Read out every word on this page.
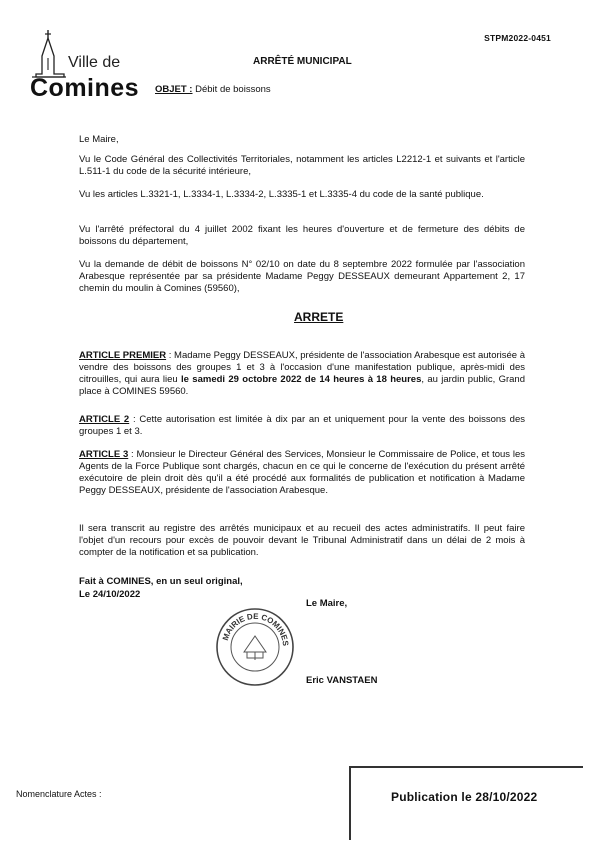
STPM2022-0451
Ville de
Comines
ARRÊTÉ MUNICIPAL
OBJET : Débit de boissons
Le Maire,
Vu le Code Général des Collectivités Territoriales, notamment les articles L2212-1 et suivants et l'article L.511-1 du code de la sécurité intérieure,
Vu les articles L.3321-1, L.3334-1, L.3334-2, L.3335-1 et L.3335-4 du code de la santé publique.
Vu l'arrêté préfectoral du 4 juillet 2002 fixant les heures d'ouverture et de fermeture des débits de boissons du département,
Vu la demande de débit de boissons N° 02/10 on date du 8 septembre 2022 formulée par l'association Arabesque représentée par sa présidente Madame Peggy DESSEAUX demeurant Appartement 2, 17 chemin du moulin à Comines (59560),
ARRETE
ARTICLE PREMIER : Madame Peggy DESSEAUX, présidente de l'association Arabesque est autorisée à vendre des boissons des groupes 1 et 3 à l'occasion d'une manifestation publique, après-midi des citrouilles, qui aura lieu le samedi 29 octobre 2022 de 14 heures à 18 heures, au jardin public, Grand place à COMINES 59560.
ARTICLE 2 : Cette autorisation est limitée à dix par an et uniquement pour la vente des boissons des groupes 1 et 3.
ARTICLE 3 : Monsieur le Directeur Général des Services, Monsieur le Commissaire de Police, et tous les Agents de la Force Publique sont chargés, chacun en ce qui le concerne de l'exécution du présent arrêté exécutoire de plein droit dès qu'il a été procédé aux formalités de publication et notification à Madame Peggy DESSEAUX, présidente de l'association Arabesque.
Il sera transcrit au registre des arrêtés municipaux et au recueil des actes administratifs. Il peut faire l'objet d'un recours pour excès de pouvoir devant le Tribunal Administratif dans un délai de 2 mois à compter de la notification et sa publication.
Fait à COMINES, en un seul original,
Le 24/10/2022
Le Maire,
MAIRIE DE COMINES
Eric VANSTAEN
Nomenclature Actes :	Publication le 28/10/2022
